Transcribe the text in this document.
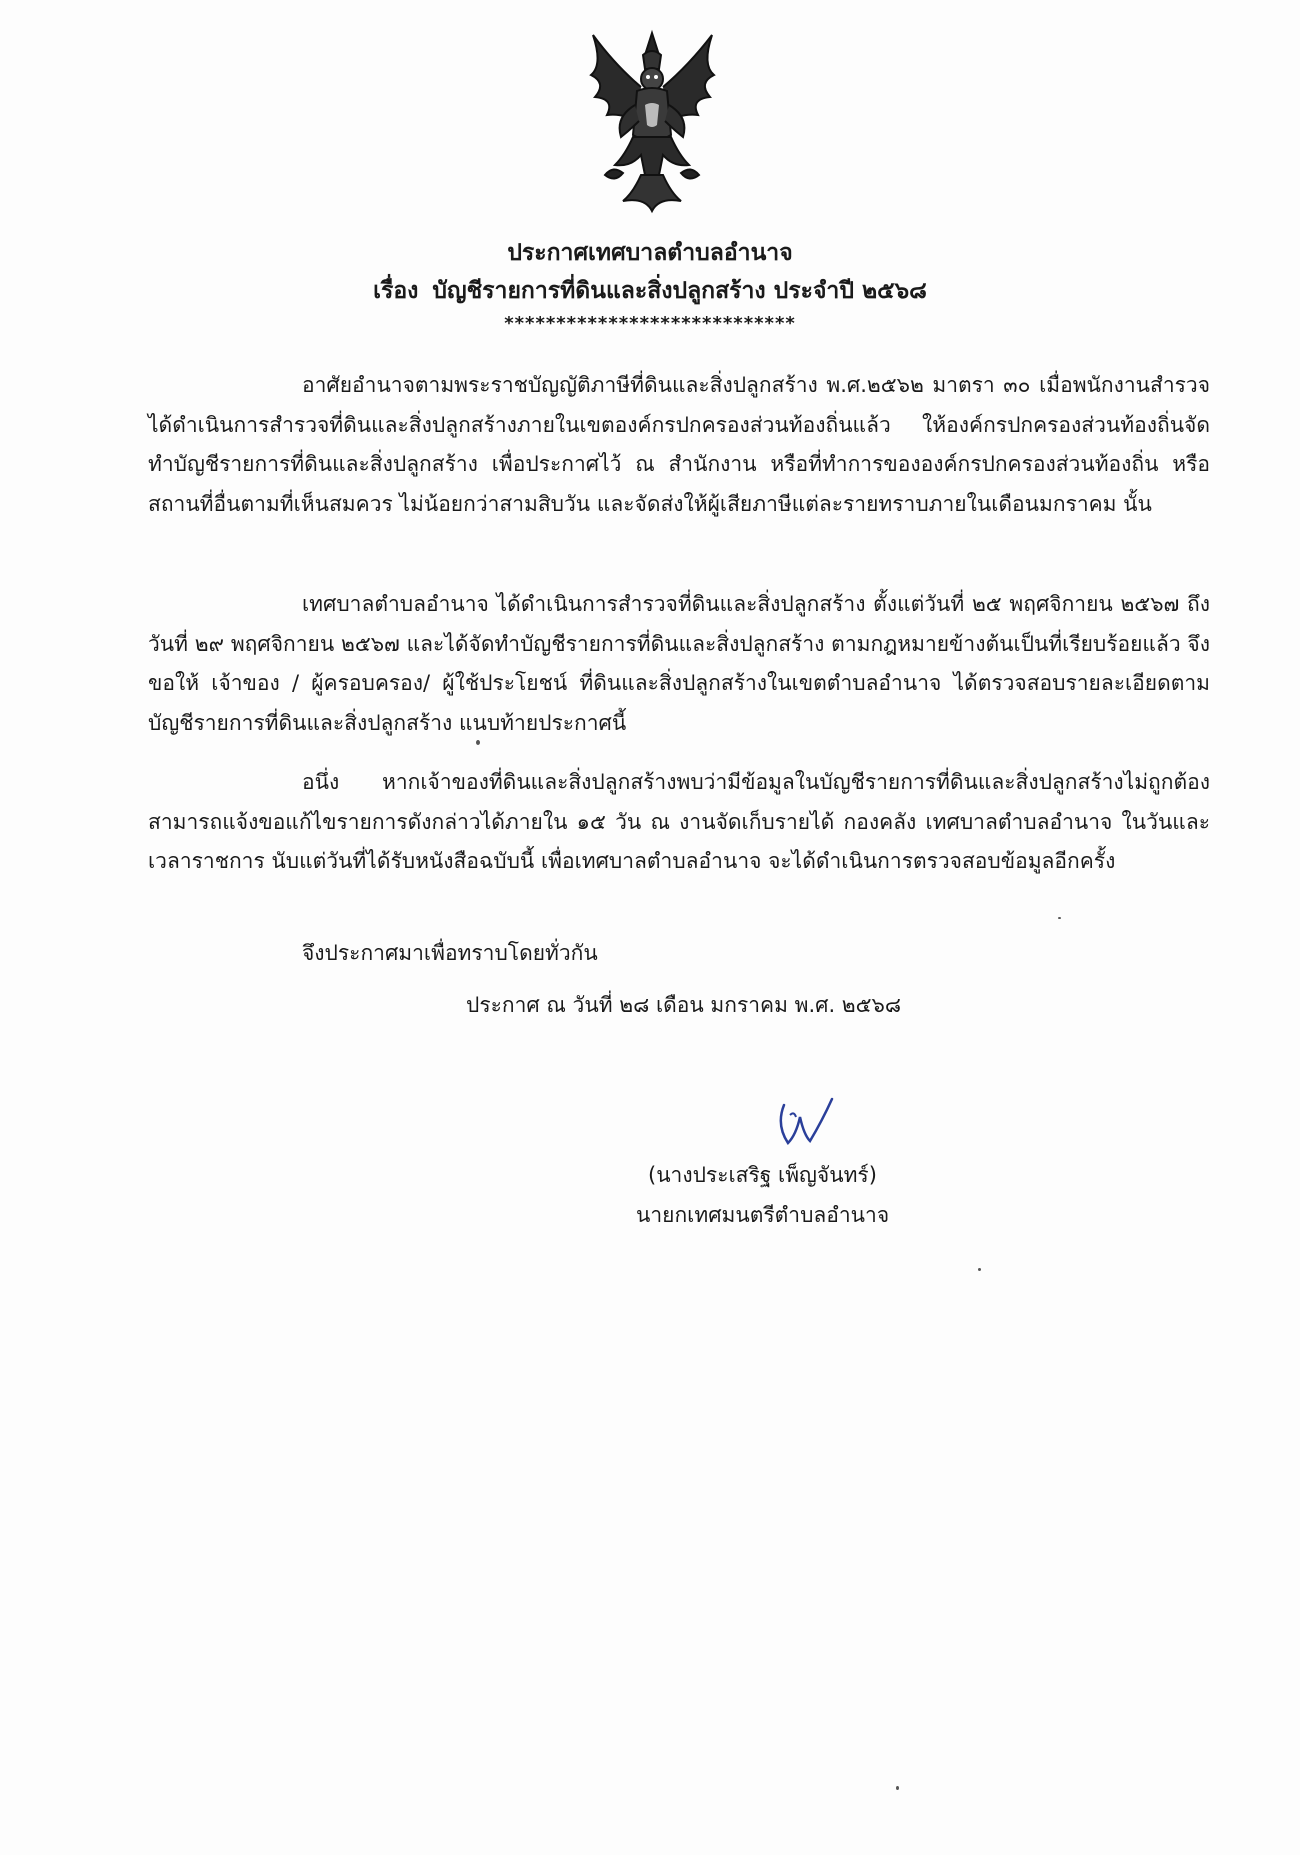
ประกาศเทศบาลตำบลอำนาจ
เรื่อง บัญชีรายการที่ดินและสิ่งปลูกสร้าง ประจำปี ๒๕๖๘
****************************

อาศัยอำนาจตามพระราชบัญญัติภาษีที่ดินและสิ่งปลูกสร้าง พ.ศ.๒๕๖๒ มาตรา ๓๐ เมื่อพนักงานสำรวจได้ดำเนินการสำรวจที่ดินและสิ่งปลูกสร้างภายในเขตองค์กรปกครองส่วนท้องถิ่นแล้ว ให้องค์กรปกครองส่วนท้องถิ่นจัดทำบัญชีรายการที่ดินและสิ่งปลูกสร้าง เพื่อประกาศไว้ ณ สำนักงาน หรือที่ทำการขององค์กรปกครองส่วนท้องถิ่น หรือสถานที่อื่นตามที่เห็นสมควร ไม่น้อยกว่าสามสิบวัน และจัดส่งให้ผู้เสียภาษีแต่ละรายทราบภายในเดือนมกราคม นั้น

เทศบาลตำบลอำนาจ ได้ดำเนินการสำรวจที่ดินและสิ่งปลูกสร้าง ตั้งแต่วันที่ ๒๕ พฤศจิกายน ๒๕๖๗ ถึง วันที่ ๒๙ พฤศจิกายน ๒๕๖๗ และได้จัดทำบัญชีรายการที่ดินและสิ่งปลูกสร้าง ตามกฎหมายข้างต้นเป็นที่เรียบร้อยแล้ว จึงขอให้ เจ้าของ / ผู้ครอบครอง/ ผู้ใช้ประโยชน์ ที่ดินและสิ่งปลูกสร้างในเขตตำบลอำนาจ ได้ตรวจสอบรายละเอียดตามบัญชีรายการที่ดินและสิ่งปลูกสร้าง แนบท้ายประกาศนี้

อนึ่ง หากเจ้าของที่ดินและสิ่งปลูกสร้างพบว่ามีข้อมูลในบัญชีรายการที่ดินและสิ่งปลูกสร้างไม่ถูกต้อง สามารถแจ้งขอแก้ไขรายการดังกล่าวได้ภายใน ๑๕ วัน ณ งานจัดเก็บรายได้ กองคลัง เทศบาลตำบลอำนาจ ในวันและเวลาราชการ นับแต่วันที่ได้รับหนังสือฉบับนี้ เพื่อเทศบาลตำบลอำนาจ จะได้ดำเนินการตรวจสอบข้อมูลอีกครั้ง

จึงประกาศมาเพื่อทราบโดยทั่วกัน
ประกาศ ณ วันที่ ๒๘ เดือน มกราคม พ.ศ. ๒๕๖๘
(นางประเสริฐ เพ็ญจันทร์)
นายกเทศมนตรีตำบลอำนาจ
